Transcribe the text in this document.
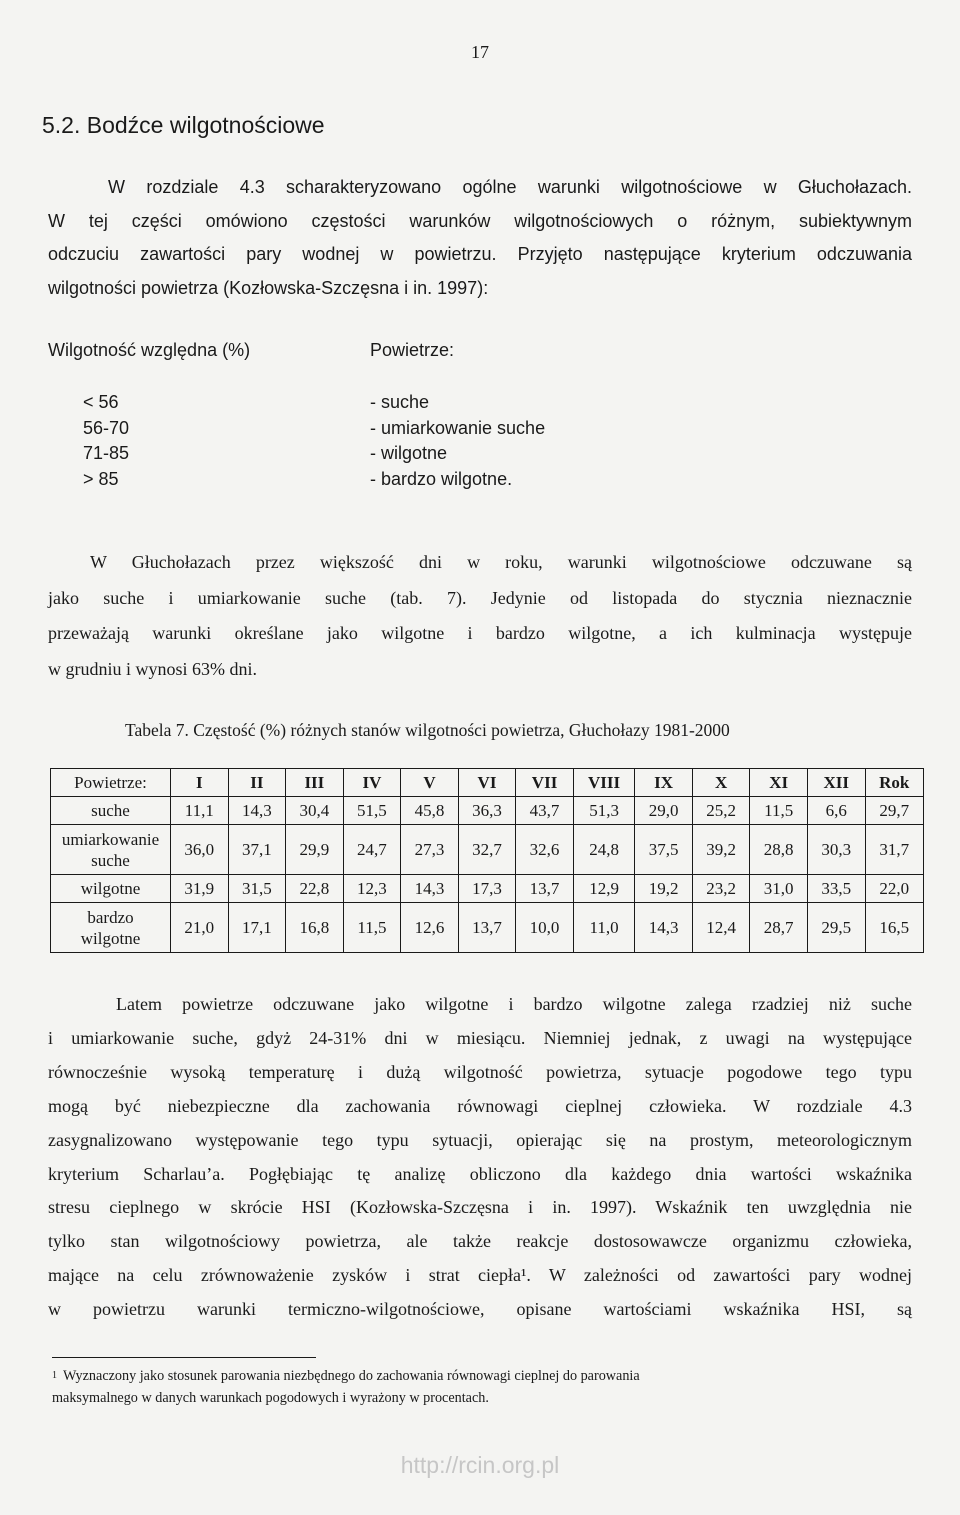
17
5.2. Bodźce wilgotnościowe
W rozdziale 4.3 scharakteryzowano ogólne warunki wilgotnościowe w Głuchołazach.
W tej części omówiono częstości warunków wilgotnościowych o różnym, subiektywnym
odczuciu zawartości pary wodnej w powietrzu. Przyjęto następujące kryterium odczuwania
wilgotności powietrza (Kozłowska-Szczęsna i in. 1997):
Wilgotność względna (%)	Powietrze:
< 56	- suche
56-70	- umiarkowanie suche
71-85	- wilgotne
> 85	- bardzo wilgotne.
W Głuchołazach przez większość dni w roku, warunki wilgotnościowe odczuwane są
jako suche i umiarkowanie suche (tab. 7). Jedynie od listopada do stycznia nieznacznie
przeważają warunki określane jako wilgotne i bardzo wilgotne, a ich kulminacja występuje
w grudniu i wynosi 63% dni.
Tabela 7. Częstość (%) różnych stanów wilgotności powietrza, Głuchołazy 1981-2000
Powietrze:	I	II	III	IV	V	VI	VII	VIII	IX	X	XI	XII	Rok
suche	11,1	14,3	30,4	51,5	45,8	36,3	43,7	51,3	29,0	25,2	11,5	6,6	29,7

umiarkowanie
suche	36,0	37,1	29,9	24,7	27,3	32,7	32,6	24,8	37,5	39,2	28,8	30,3	31,7
wilgotne	31,9	31,5	22,8	12,3	14,3	17,3	13,7	12,9	19,2	23,2	31,0	33,5	22,0

bardzo
wilgotne	21,0	17,1	16,8	11,5	12,6	13,7	10,0	11,0	14,3	12,4	28,7	29,5	16,5
Latem powietrze odczuwane jako wilgotne i bardzo wilgotne zalega rzadziej niż suche
i umiarkowanie suche, gdyż 24-31% dni w miesiącu. Niemniej jednak, z uwagi na występujące
równocześnie wysoką temperaturę i dużą wilgotność powietrza, sytuacje pogodowe tego typu
mogą być niebezpieczne dla zachowania równowagi cieplnej człowieka. W rozdziale 4.3
zasygnalizowano występowanie tego typu sytuacji, opierając się na prostym, meteorologicznym
kryterium Scharlau’a. Pogłębiając tę analizę obliczono dla każdego dnia wartości wskaźnika
stresu cieplnego w skrócie HSI (Kozłowska-Szczęsna i in. 1997). Wskaźnik ten uwzględnia nie
tylko stan wilgotnościowy powietrza, ale także reakcje dostosowawcze organizmu człowieka,
mające na celu zrównoważenie zysków i strat ciepła¹. W zależności od zawartości pary wodnej
w powietrzu warunki termiczno-wilgotnościowe, opisane wartościami wskaźnika HSI, są
$^1$ Wyznaczony jako stosunek parowania niezbędnego do zachowania równowagi cieplnej do parowania
maksymalnego w danych warunkach pogodowych i wyrażony w procentach.
http://rcin.org.pl
